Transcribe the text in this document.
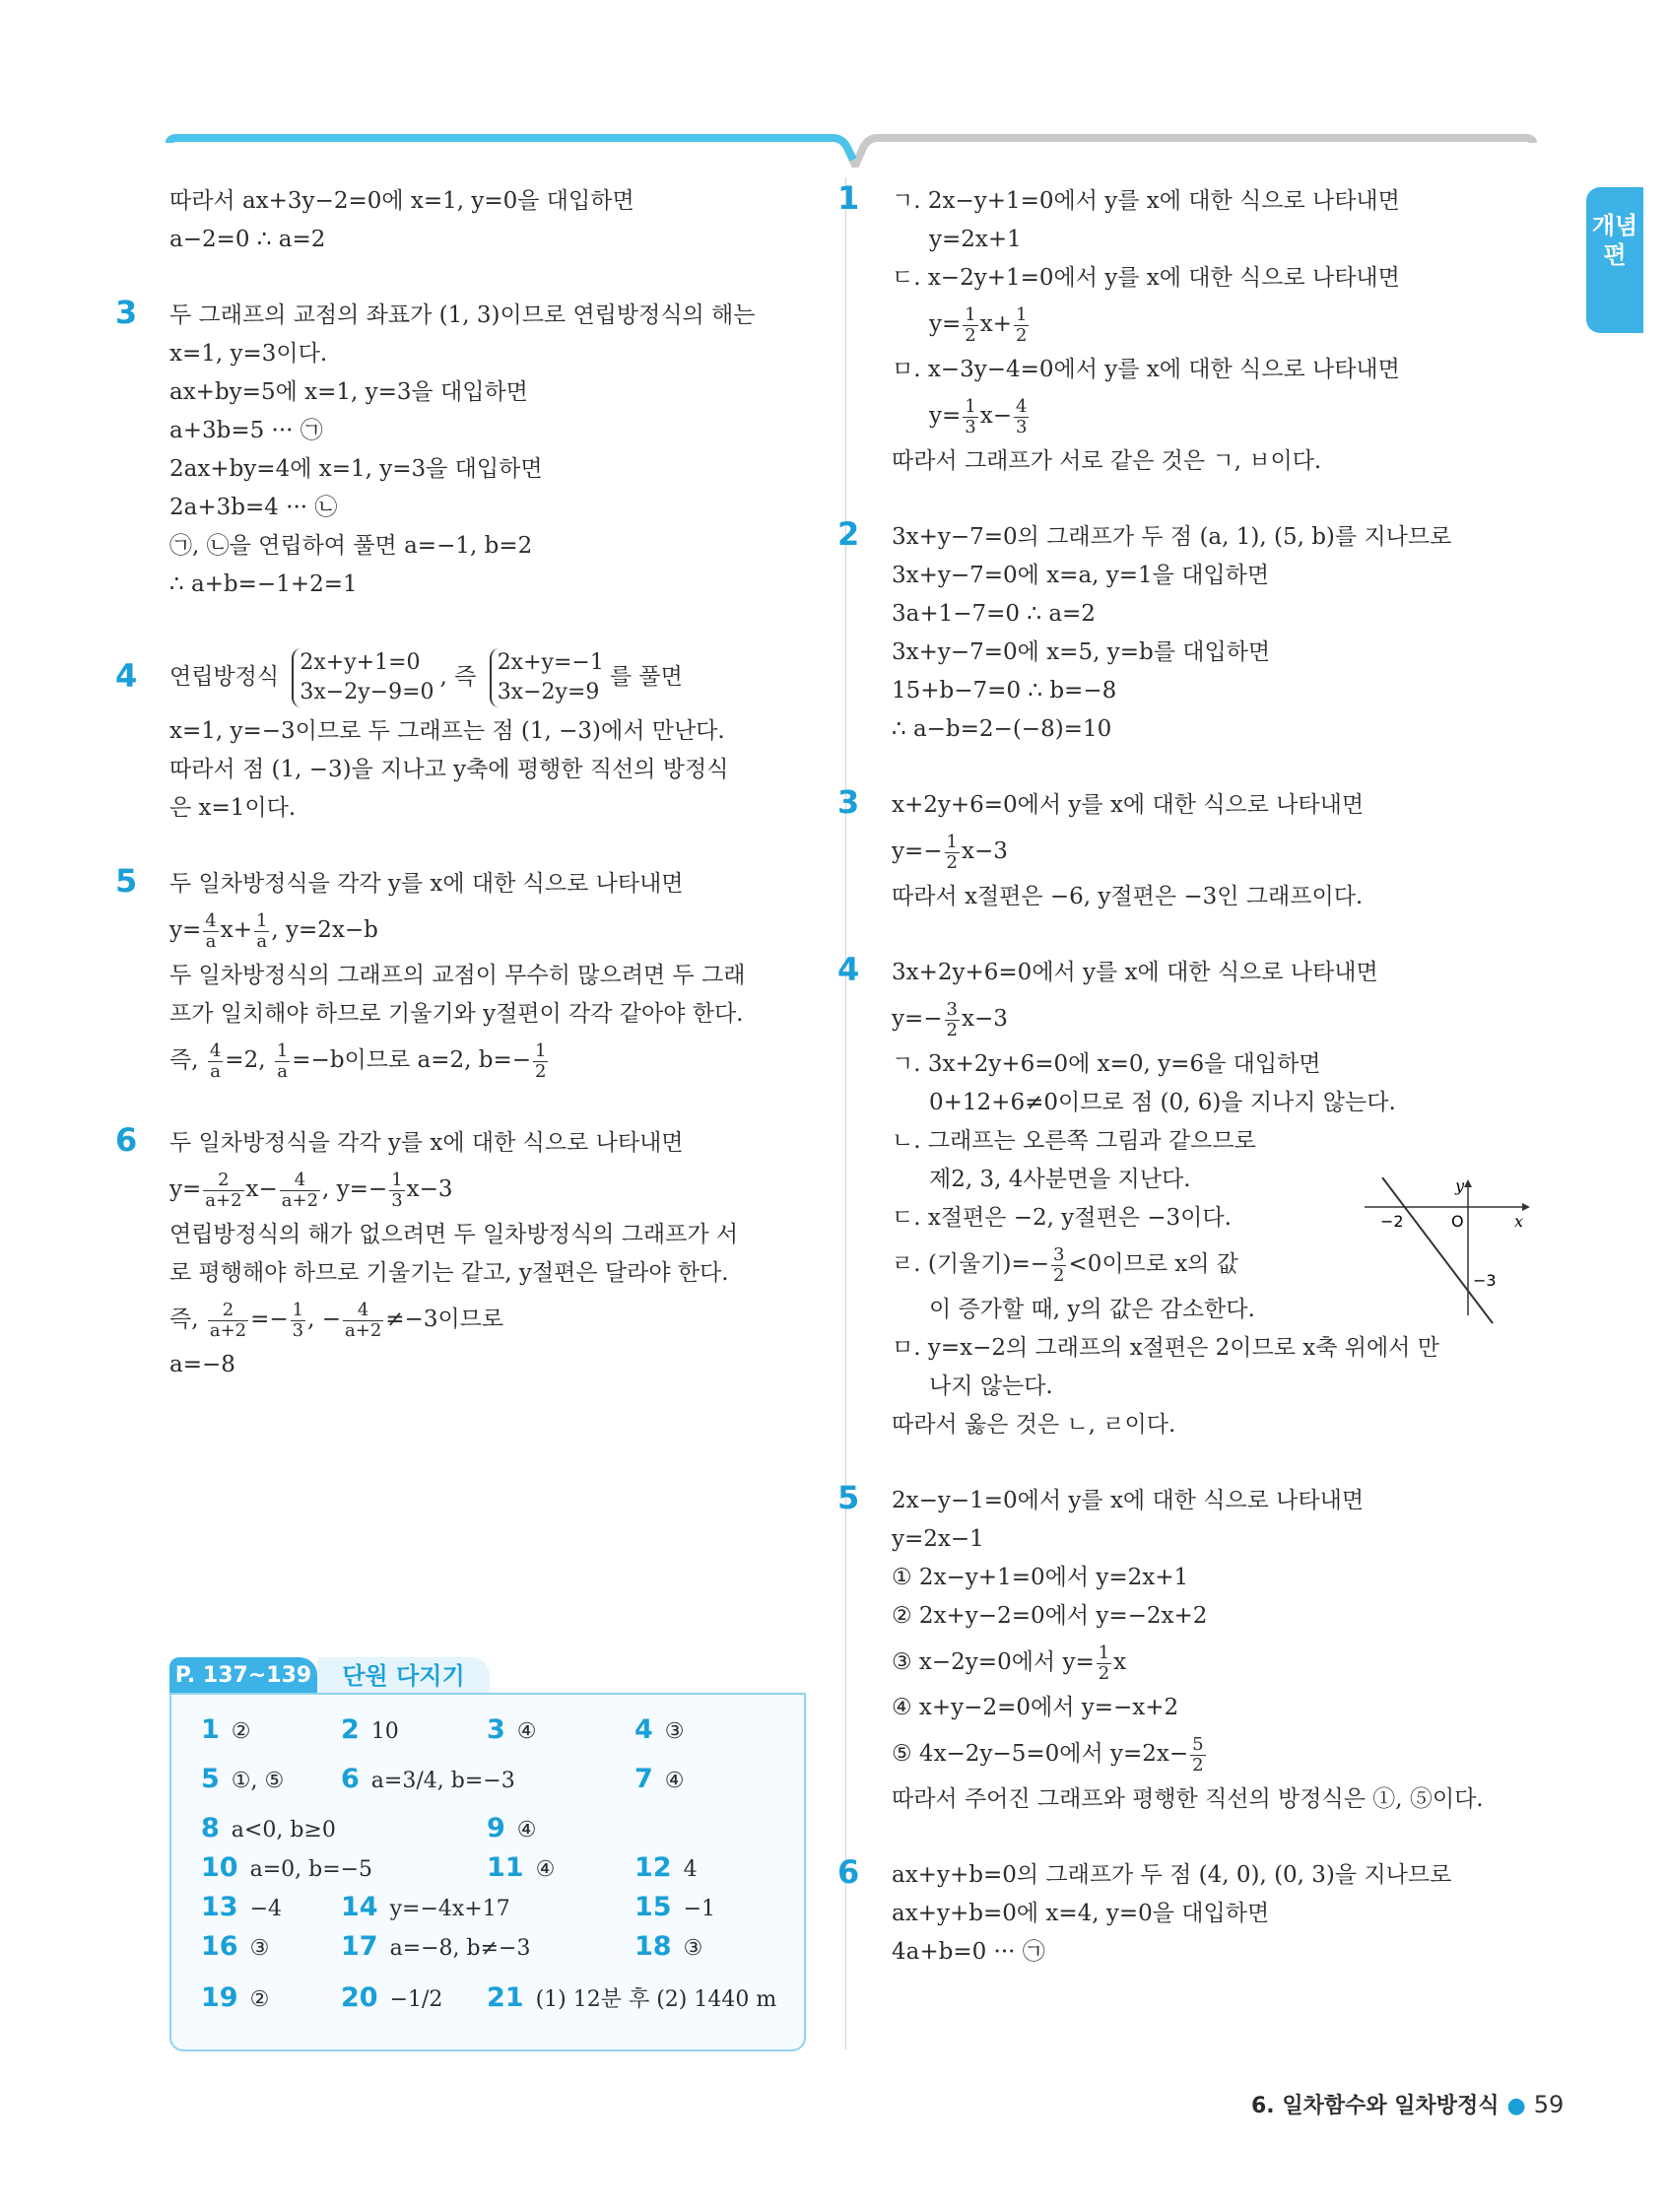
개념편
따라서 ax+3y−2=0에 x=1, y=0을 대입하면
a−2=0 ∴ a=2
3 두 그래프의 교점의 좌표가 (1, 3)이므로 연립방정식의 해는
x=1, y=3이다.
ax+by=5에 x=1, y=3을 대입하면
a+3b=5 ··· ㉠
2ax+by=4에 x=1, y=3을 대입하면
2a+3b=4 ··· ㉡
㉠, ㉡을 연립하여 풀면 a=−1, b=2
∴ a+b=−1+2=1
4 연립방정식 2x+y+1=0
3x−2y−9=0, 즉 2x+y=−1
3x−2y=9를 풀면
x=1, y=−3이므로 두 그래프는 점 (1, −3)에서 만난다.
따라서 점 (1, −3)을 지나고 y축에 평행한 직선의 방정식
은 x=1이다.
5 두 일차방정식을 각각 y를 x에 대한 식으로 나타내면
$y= \frac{4}{a} x+ \frac{1}{a}$ , y=2x−b
두 일차방정식의 그래프의 교점이 무수히 많으려면 두 그래
프가 일치해야 하므로 기울기와 y절편이 각각 같아야 한다.
즉, $\frac{4}{a} =2$, $\frac{1}{a} =-b$이므로 a=2, $b=- \frac{1}{2}$
6 두 일차방정식을 각각 y를 x에 대한 식으로 나타내면
$y= \frac{2}{a+2} x- \frac{4}{a+2}$ , $y=- \frac{1}{3} x-3$
연립방정식의 해가 없으려면 두 일차방정식의 그래프가 서
로 평행해야 하므로 기울기는 같고, y절편은 달라야 한다.
즉, $\frac{2}{a+2} =- \frac{1}{3}$ , − $\frac{4}{a+2} \ne-3$이므로
a=−8
P. 137~139	단원 다지기
1 ②	2 10	3 ④	4 ③
5 ①, ⑤ 6 a=3/4, b=−3	7 ④
8 a<0, b≥0	9 ④
10 a=0, b=−5	11 ④	12 4
13 −4 14 y=−4x+17	15 −1
16 ③	17 a=−8, b≠−3	18 ③
19 ②	20 −1/2 21 (1) 12분 후 (2) 1440 m
1 ㄱ. 2x−y+1=0에서 y를 x에 대한 식으로 나타내면
y=2x+1
ㄷ. x−2y+1=0에서 y를 x에 대한 식으로 나타내면
$y= \frac{1}{2} x+ \frac{1}{2}$
ㅁ. x−3y−4=0에서 y를 x에 대한 식으로 나타내면
$y= \frac{1}{3} x- \frac{4}{3}$
따라서 그래프가 서로 같은 것은 ㄱ, ㅂ이다.
2 3x+y−7=0의 그래프가 두 점 (a, 1), (5, b)를 지나므로
3x+y−7=0에 x=a, y=1을 대입하면
3a+1−7=0 ∴ a=2
3x+y−7=0에 x=5, y=b를 대입하면
15+b−7=0 ∴ b=−8
∴ a−b=2−(−8)=10
3 x+2y+6=0에서 y를 x에 대한 식으로 나타내면
$y=- \frac{1}{2} x-3$
따라서 x절편은 −6, y절편은 −3인 그래프이다.
4 3x+2y+6=0에서 y를 x에 대한 식으로 나타내면
$y=- \frac{3}{2} x-3$
ㄱ. 3x+2y+6=0에 x=0, y=6을 대입하면
0+12+6≠0이므로 점 (0, 6)을 지나지 않는다.
ㄴ. 그래프는 오른쪽 그림과 같으므로
제2, 3, 4사분면을 지난다.
ㄷ. x절편은 −2, y절편은 −3이다.
ㄹ. (기울기)=− $\frac{3}{2} <0$이므로 x의 값
이 증가할 때, y의 값은 감소한다.
ㅁ. y=x−2의 그래프의 x절편은 2이므로 x축 위에서 만
나지 않는다.
따라서 옳은 것은 ㄴ, ㄹ이다.
5 2x−y−1=0에서 y를 x에 대한 식으로 나타내면
y=2x−1
① 2x−y+1=0에서 y=2x+1
② 2x+y−2=0에서 y=−2x+2
③ x−2y=0에서 $y= \frac{1}{2}$ x
④ x+y−2=0에서 y=−x+2
⑤ 4x−2y−5=0에서 $y=2x- \frac{5}{2}$
따라서 주어진 그래프와 평행한 직선의 방정식은 ①, ⑤이다.
6 ax+y+b=0의 그래프가 두 점 (4, 0), (0, 3)을 지나므로
ax+y+b=0에 x=4, y=0을 대입하면
4a+b=0 ··· ㉠
x
y
O
−2
−3
6. 일차함수와 일차방정식 ● 59
